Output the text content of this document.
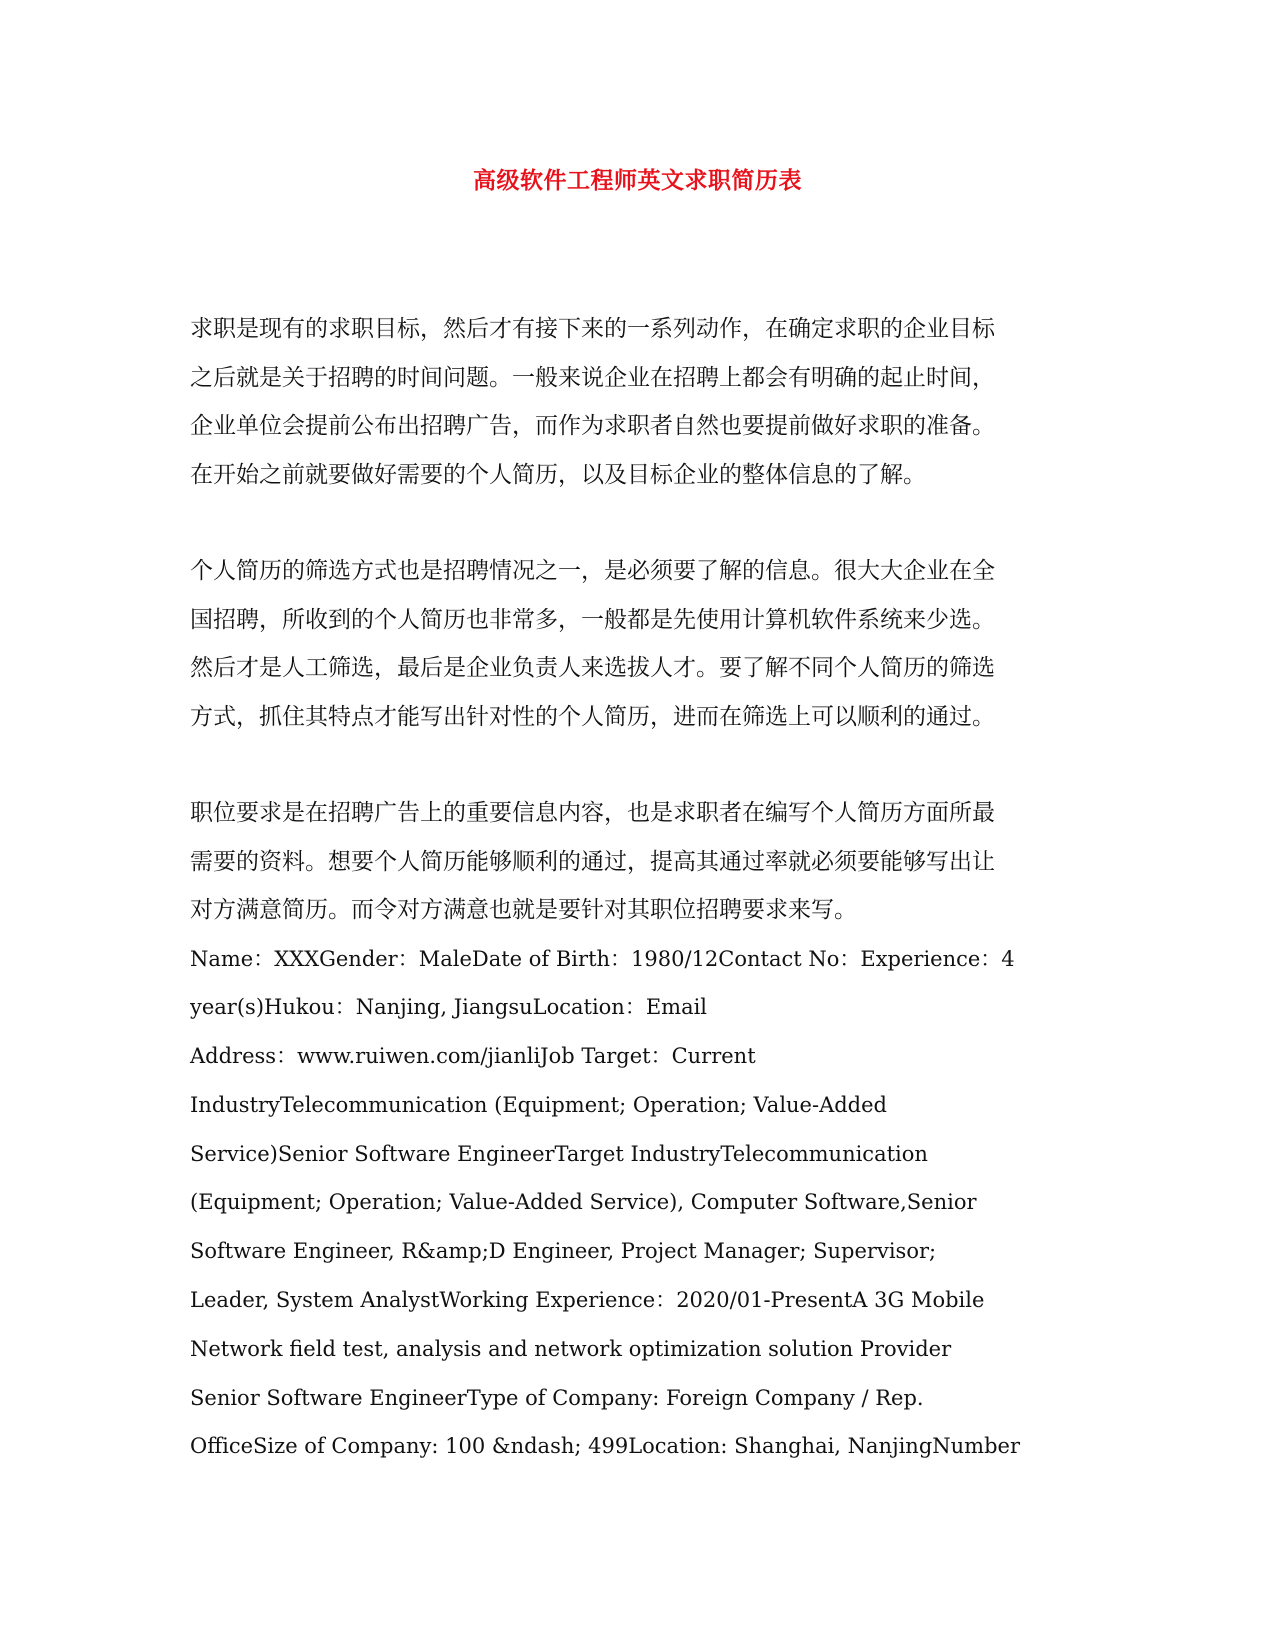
高级软件工程师英文求职简历表

求职是现有的求职目标，然后才有接下来的一系列动作，在确定求职的企业目标
之后就是关于招聘的时间问题。一般来说企业在招聘上都会有明确的起止时间，
企业单位会提前公布出招聘广告，而作为求职者自然也要提前做好求职的准备。
在开始之前就要做好需要的个人简历，以及目标企业的整体信息的了解。

个人简历的筛选方式也是招聘情况之一，是必须要了解的信息。很大大企业在全
国招聘，所收到的个人简历也非常多，一般都是先使用计算机软件系统来少选。
然后才是人工筛选，最后是企业负责人来选拔人才。要了解不同个人简历的筛选
方式，抓住其特点才能写出针对性的个人简历，进而在筛选上可以顺利的通过。

职位要求是在招聘广告上的重要信息内容，也是求职者在编写个人简历方面所最
需要的资料。想要个人简历能够顺利的通过，提高其通过率就必须要能够写出让
对方满意简历。而令对方满意也就是要针对其职位招聘要求来写。

Name：XXXGender：MaleDate of Birth：1980/12Contact No：Experience：4
year(s)Hukou：Nanjing, JiangsuLocation：Email
Address：www.ruiwen.com/jianliJob Target：Current
IndustryTelecommunication (Equipment; Operation; Value-Added
Service)Senior Software EngineerTarget IndustryTelecommunication
(Equipment; Operation; Value-Added Service), Computer Software,Senior
Software Engineer, R&amp;D Engineer, Project Manager; Supervisor;
Leader, System AnalystWorking Experience：2020/01-PresentA 3G Mobile
Network field test, analysis and network optimization solution Provider
Senior Software EngineerType of Company: Foreign Company / Rep.
OfficeSize of Company: 100 &ndash; 499Location: Shanghai, NanjingNumber
